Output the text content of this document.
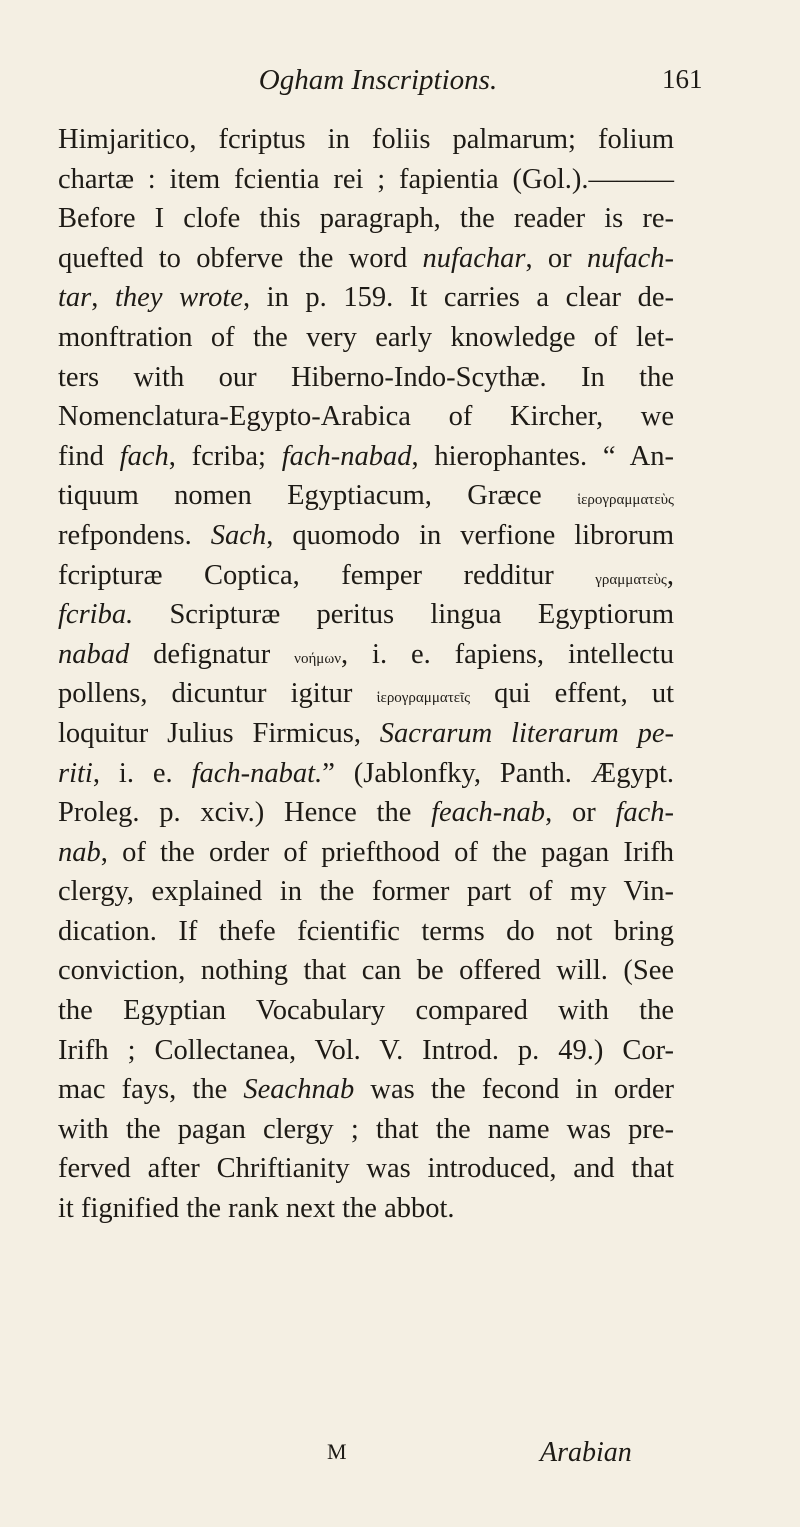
Ogham Inscriptions.	161
Himjaritico, fcriptus in foliis palmarum; folium
chartæ : item fcientia rei ; fapientia (Gol.).———
Before I clofe this paragraph, the reader is re-
quefted to obferve the word nufachar, or nufach-
tar, they wrote, in p. 159. It carries a clear de-
monftration of the very early knowledge of let-
ters with our Hiberno-Indo-Scythæ. In the
Nomenclatura-Egypto-Arabica of Kircher, we
find fach, fcriba; fach-nabad, hierophantes. “ An-
tiquum nomen Egyptiacum, Græce ἱερογραμματεὺς
refpondens. Sach, quomodo in verfione librorum
fcripturæ Coptica, femper redditur γραμματεὺς,
fcriba. Scripturæ peritus lingua Egyptiorum
nabad defignatur νοήμων, i. e. fapiens, intellectu
pollens, dicuntur igitur ἱερογραμματεῖς qui effent, ut
loquitur Julius Firmicus, Sacrarum literarum pe-
riti, i. e. fach-nabat.” (Jablonfky, Panth. Ægypt.
Proleg. p. xciv.) Hence the feach-nab, or fach-
nab, of the order of priefthood of the pagan Irifh
clergy, explained in the former part of my Vin-
dication. If thefe fcientific terms do not bring
conviction, nothing that can be offered will. (See
the Egyptian Vocabulary compared with the
Irifh ; Collectanea, Vol. V. Introd. p. 49.) Cor-
mac fays, the Seachnab was the fecond in order
with the pagan clergy ; that the name was pre-
ferved after Chriftianity was introduced, and that
it fignified the rank next the abbot.
M	Arabian
